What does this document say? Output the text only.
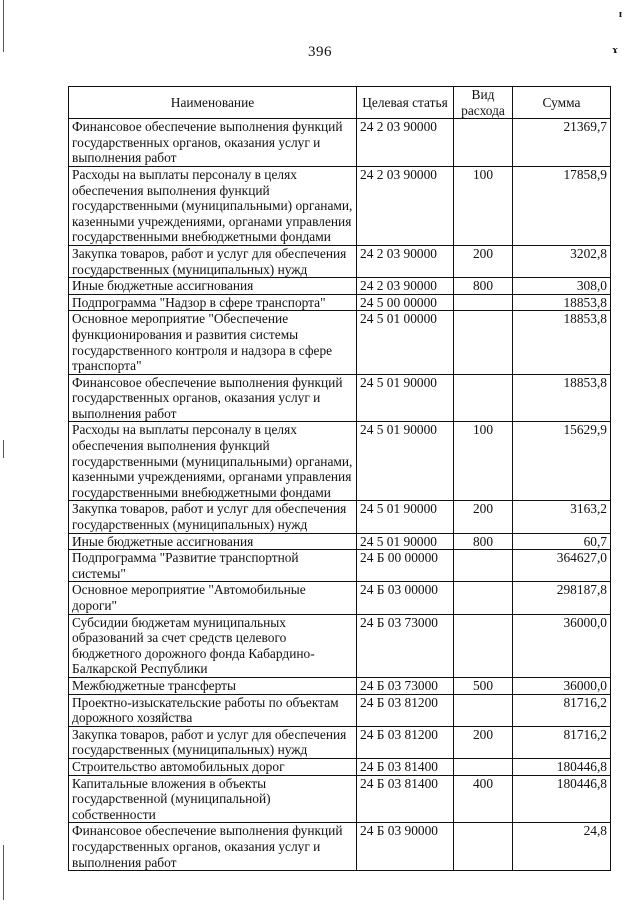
ɪ
ɤ
396
Наименование	Целевая статья	Вид расхода	Сумма
Финансовое обеспечение выполнения функций государственных органов, оказания услуг и выполнения работ	24 2 03 90000		21369,7
Расходы на выплаты персоналу в целях обеспечения выполнения функций государственными (муниципальными) органами, казенными учреждениями, органами управления государственными внебюджетными фондами	24 2 03 90000	100	17858,9
Закупка товаров, работ и услуг для обеспечения государственных (муниципальных) нужд	24 2 03 90000	200	3202,8
Иные бюджетные ассигнования	24 2 03 90000	800	308,0
Подпрограмма "Надзор в сфере транспорта"	24 5 00 00000		18853,8
Основное мероприятие "Обеспечение функционирования и развития системы государственного контроля и надзора в сфере транспорта"	24 5 01 00000		18853,8
Финансовое обеспечение выполнения функций государственных органов, оказания услуг и выполнения работ	24 5 01 90000		18853,8
Расходы на выплаты персоналу в целях обеспечения выполнения функций государственными (муниципальными) органами, казенными учреждениями, органами управления государственными внебюджетными фондами	24 5 01 90000	100	15629,9
Закупка товаров, работ и услуг для обеспечения государственных (муниципальных) нужд	24 5 01 90000	200	3163,2
Иные бюджетные ассигнования	24 5 01 90000	800	60,7
Подпрограмма "Развитие транспортной системы"	24 Б 00 00000		364627,0
Основное мероприятие "Автомобильные дороги"	24 Б 03 00000		298187,8
Субсидии бюджетам муниципальных образований за счет средств целевого бюджетного дорожного фонда Кабардино-Балкарской Республики	24 Б 03 73000		36000,0
Межбюджетные трансферты	24 Б 03 73000	500	36000,0
Проектно-изыскательские работы по объектам дорожного хозяйства	24 Б 03 81200		81716,2
Закупка товаров, работ и услуг для обеспечения государственных (муниципальных) нужд	24 Б 03 81200	200	81716,2
Строительство автомобильных дорог	24 Б 03 81400		180446,8
Капитальные вложения в объекты государственной (муниципальной) собственности	24 Б 03 81400	400	180446,8
Финансовое обеспечение выполнения функций государственных органов, оказания услуг и выполнения работ	24 Б 03 90000		24,8
